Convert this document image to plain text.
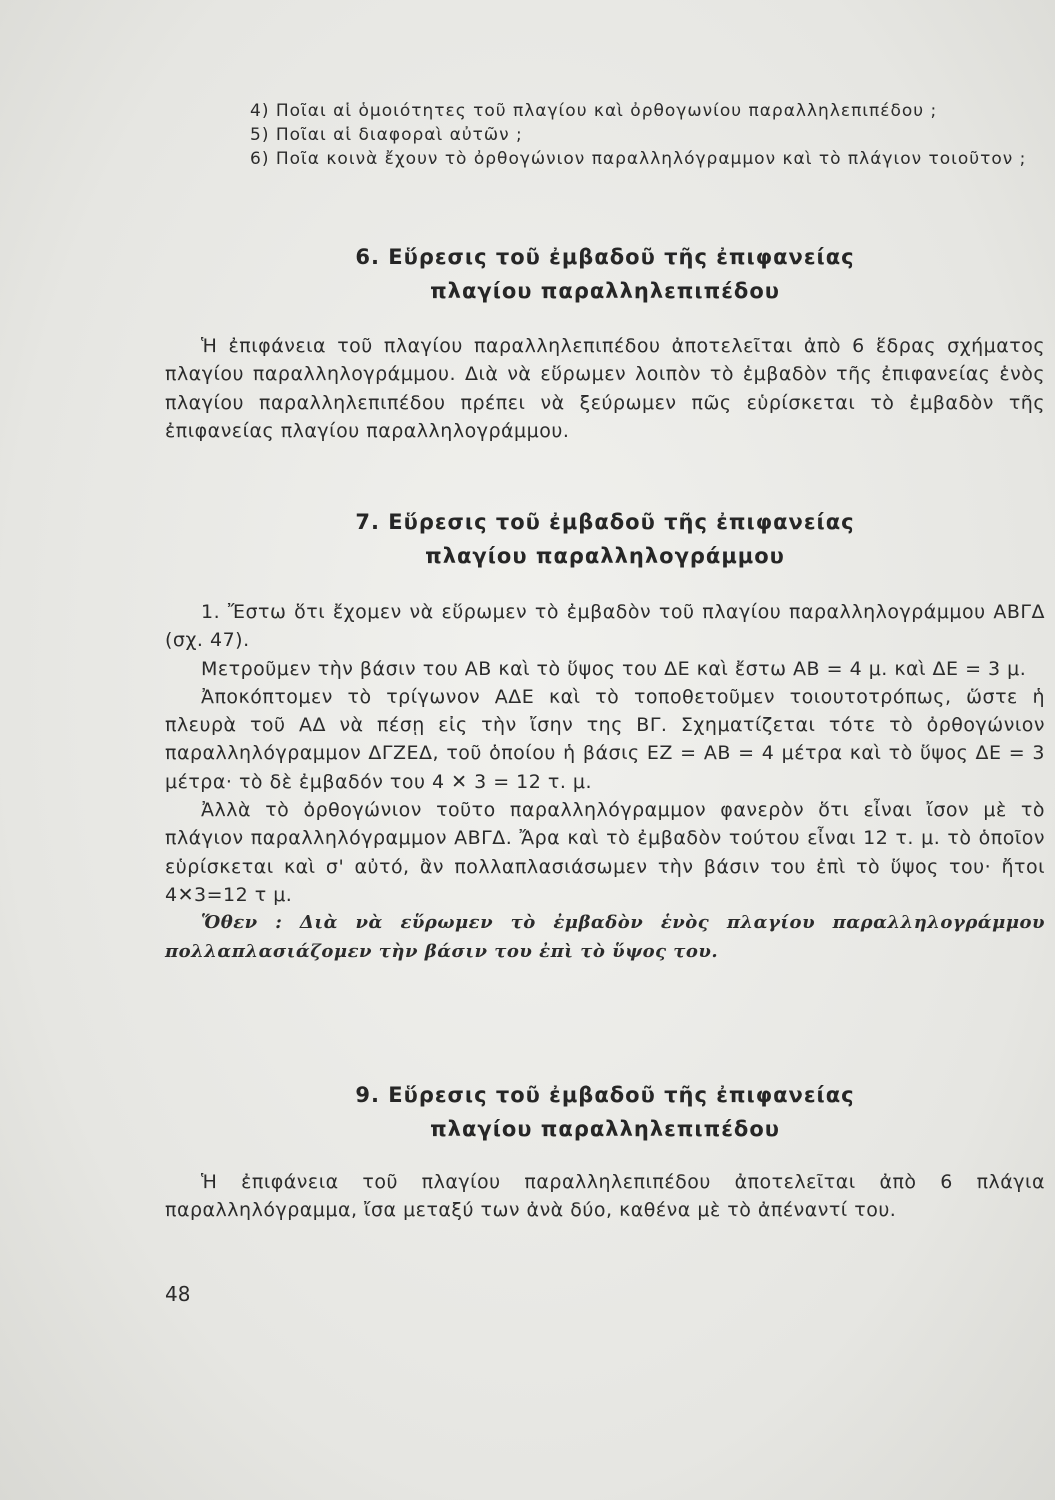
4) Ποῖαι αἱ ὁμοιότητες τοῦ πλαγίου καὶ ὀρθογωνίου παραλληλεπιπέδου ;

5) Ποῖαι αἱ διαφοραὶ αὐτῶν ;

6) Ποῖα κοινὰ ἔχουν τὸ ὀρθογώνιον παραλληλόγραμμον καὶ τὸ πλάγιον τοιοῦτον ;

6. Εὕρεσις τοῦ ἐμβαδοῦ τῆς ἐπιφανείας
πλαγίου παραλληλεπιπέδου

Ἡ ἐπιφάνεια τοῦ πλαγίου παραλληλεπιπέδου ἀποτελεῖται ἀπὸ 6 ἕδρας σχήματος πλαγίου παραλληλογράμμου. Διὰ νὰ εὕρωμεν λοιπὸν τὸ ἐμβαδὸν τῆς ἐπιφανείας ἑνὸς πλαγίου παραλληλεπιπέδου πρέπει νὰ ξεύρωμεν πῶς εὑρίσκεται τὸ ἐμβαδὸν τῆς ἐπιφανείας πλαγίου παραλληλογράμμου.

7. Εὕρεσις τοῦ ἐμβαδοῦ τῆς ἐπιφανείας
πλαγίου παραλληλογράμμου

1. Ἔστω ὅτι ἔχομεν νὰ εὕρωμεν τὸ ἐμβαδὸν τοῦ πλαγίου παραλληλογράμμου ΑΒΓΔ (σχ. 47).

Μετροῦμεν τὴν βάσιν του ΑΒ καὶ τὸ ὕψος του ΔΕ καὶ ἔστω ΑΒ = 4 μ. καὶ ΔΕ = 3 μ.

Ἀποκόπτομεν τὸ τρίγωνον ΑΔΕ καὶ τὸ τοποθετοῦμεν τοιουτοτρόπως, ὥστε ἡ πλευρὰ τοῦ ΑΔ νὰ πέσῃ εἰς τὴν ἴσην της ΒΓ. Σχηματίζεται τότε τὸ ὀρθογώνιον παραλληλόγραμμον ΔΓΖΕΔ, τοῦ ὁποίου ἡ βάσις ΕΖ = ΑΒ = 4 μέτρα καὶ τὸ ὕψος ΔΕ = 3 μέτρα· τὸ δὲ ἐμβαδόν του 4 ✕ 3 = 12 τ. μ.

Ἀλλὰ τὸ ὀρθογώνιον τοῦτο παραλληλόγραμμον φανερὸν ὅτι εἶναι ἴσον μὲ τὸ πλάγιον παραλληλόγραμμον ΑΒΓΔ. Ἄρα καὶ τὸ ἐμβαδὸν τούτου εἶναι 12 τ. μ. τὸ ὁποῖον εὑρίσκεται καὶ σ' αὐτό, ἂν πολλαπλασιάσωμεν τὴν βάσιν του ἐπὶ τὸ ὕψος του· ἤτοι 4✕3=12 τ μ.

Ὅθεν : Διὰ νὰ εὕρωμεν τὸ ἐμβαδὸν ἑνὸς πλαγίου παραλληλογράμμου πολλαπλασιάζομεν τὴν βάσιν του ἐπὶ τὸ ὕψος του.

9. Εὕρεσις τοῦ ἐμβαδοῦ τῆς ἐπιφανείας
πλαγίου παραλληλεπιπέδου

Ἡ ἐπιφάνεια τοῦ πλαγίου παραλληλεπιπέδου ἀποτελεῖται ἀπὸ 6 πλάγια παραλληλόγραμμα, ἴσα μεταξύ των ἀνὰ δύο, καθένα μὲ τὸ ἀπέναντί του.

48
